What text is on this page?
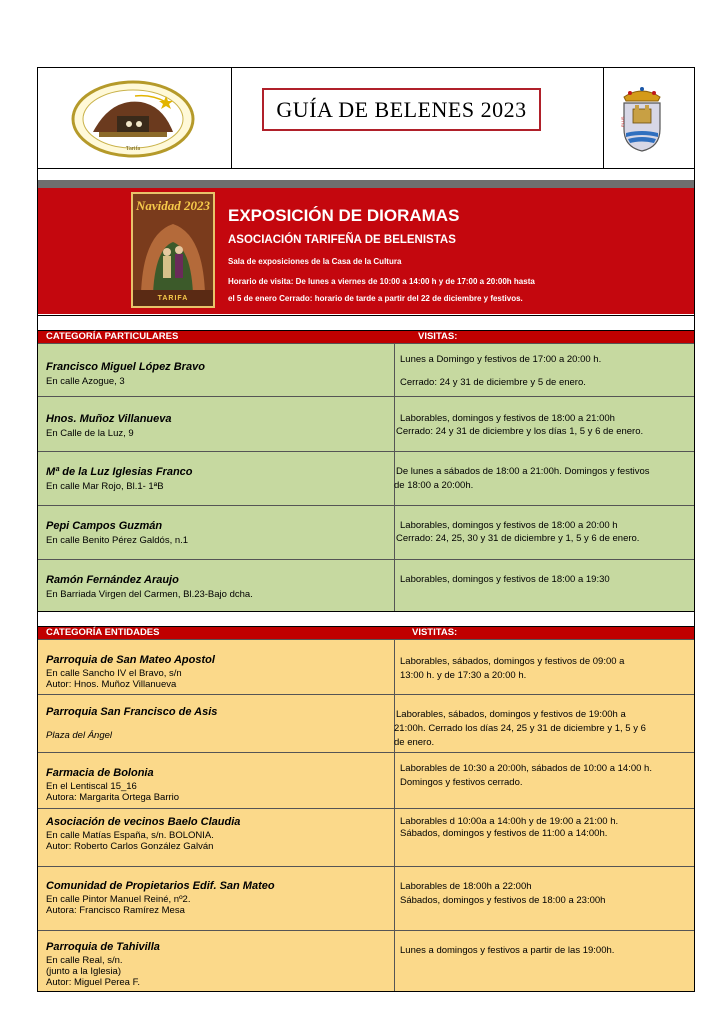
Tarifa
GUÍA DE BELENES 2023
PLUS
Navidad 2023
TARIFA
EXPOSICIÓN DE DIORAMAS
ASOCIACIÓN TARIFEÑA DE BELENISTAS
Sala de exposiciones de la Casa de la Cultura
Horario de visita: De lunes a viernes de 10:00 a 14:00 h y de 17:00 a 20:00h hasta
el 5 de enero Cerrado: horario de tarde a partir del 22 de diciembre y festivos.
CATEGORÍA PARTICULARES	VISITAS:
Francisco Miguel López Bravo
En calle Azogue, 3
Lunes a Domingo y festivos de 17:00 a 20:00 h.
Cerrado: 24 y 31 de diciembre y 5 de enero.
Hnos. Muñoz Villanueva
En Calle de la Luz, 9
Laborables, domingos y festivos de 18:00 a 21:00h
Cerrado: 24 y 31 de diciembre y los días 1, 5 y 6 de enero.
Mª de la Luz Iglesias Franco
En calle Mar Rojo, Bl.1- 1ªB
De lunes a sábados de 18:00 a 21:00h. Domingos y festivos
de 18:00 a 20:00h.
Pepi Campos Guzmán
En calle Benito Pérez Galdós, n.1
Laborables, domingos y festivos de 18:00 a 20:00 h
Cerrado: 24, 25, 30 y 31 de diciembre y 1, 5 y 6 de enero.
Ramón Fernández Araujo
En Barriada Virgen del Carmen, Bl.23-Bajo dcha.
Laborables, domingos y festivos de 18:00 a 19:30
CATEGORÍA ENTIDADES	VISTITAS:
Parroquia de San Mateo Apostol
En calle Sancho IV el Bravo, s/n
Autor: Hnos. Muñoz Villanueva
Laborables, sábados, domingos y festivos de 09:00 a
13:00 h. y de 17:30 a 20:00 h.
Parroquia San Francisco de Asis
Plaza del Ángel
Laborables, sábados, domingos y festivos de 19:00h a
21:00h. Cerrado los días 24, 25 y 31 de diciembre y 1, 5 y 6
de enero.
Farmacia de Bolonia
En el Lentiscal 15_16
Autora: Margarita Ortega Barrio
Laborables de 10:30 a 20:00h, sábados de 10:00 a 14:00 h.
Domingos y festivos cerrado.
Asociación de vecinos Baelo Claudia
En calle Matías España, s/n. BOLONIA.
Autor: Roberto Carlos González Galván
Laborables d 10:00a a 14:00h y de 19:00 a 21:00 h.
Sábados, domingos y festivos de 11:00 a 14:00h.
Comunidad de Propietarios Edif. San Mateo
En calle Pintor Manuel Reiné, nº2.
Autora: Francisco Ramírez Mesa
Laborables de 18:00h a 22:00h
Sábados, domingos y festivos de 18:00 a 23:00h
Parroquia de Tahivilla
En calle Real, s/n.
(junto a la Iglesia)
Autor: Miguel Perea F.
Lunes a domingos y festivos a partir de las 19:00h.
